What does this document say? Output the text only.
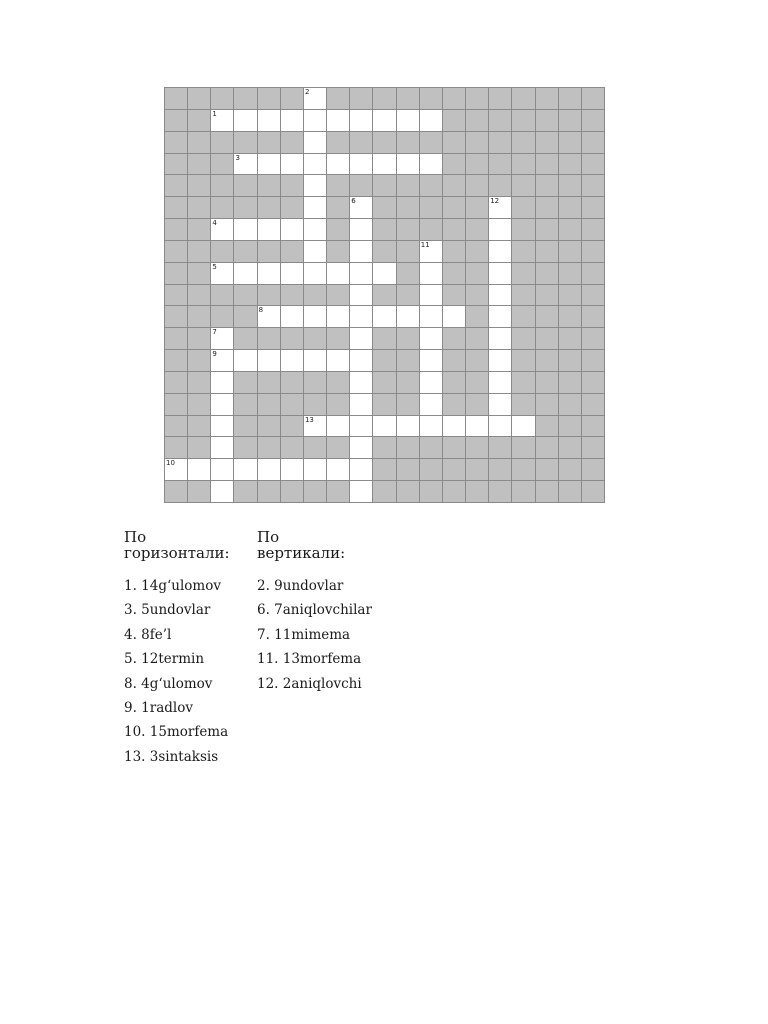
2
1
3
6	12
4
11
5
8
7
9
13
10
По горизонтали:
1. 14g‘ulomov
3. 5undovlar
4. 8fe’l
5. 12termin
8. 4g‘ulomov
9. 1radlov
10. 15morfema
13. 3sintaksis
По вертикали:
2. 9undovlar
6. 7aniqlovchilar
7. 11mimema
11. 13morfema
12. 2aniqlovchi
